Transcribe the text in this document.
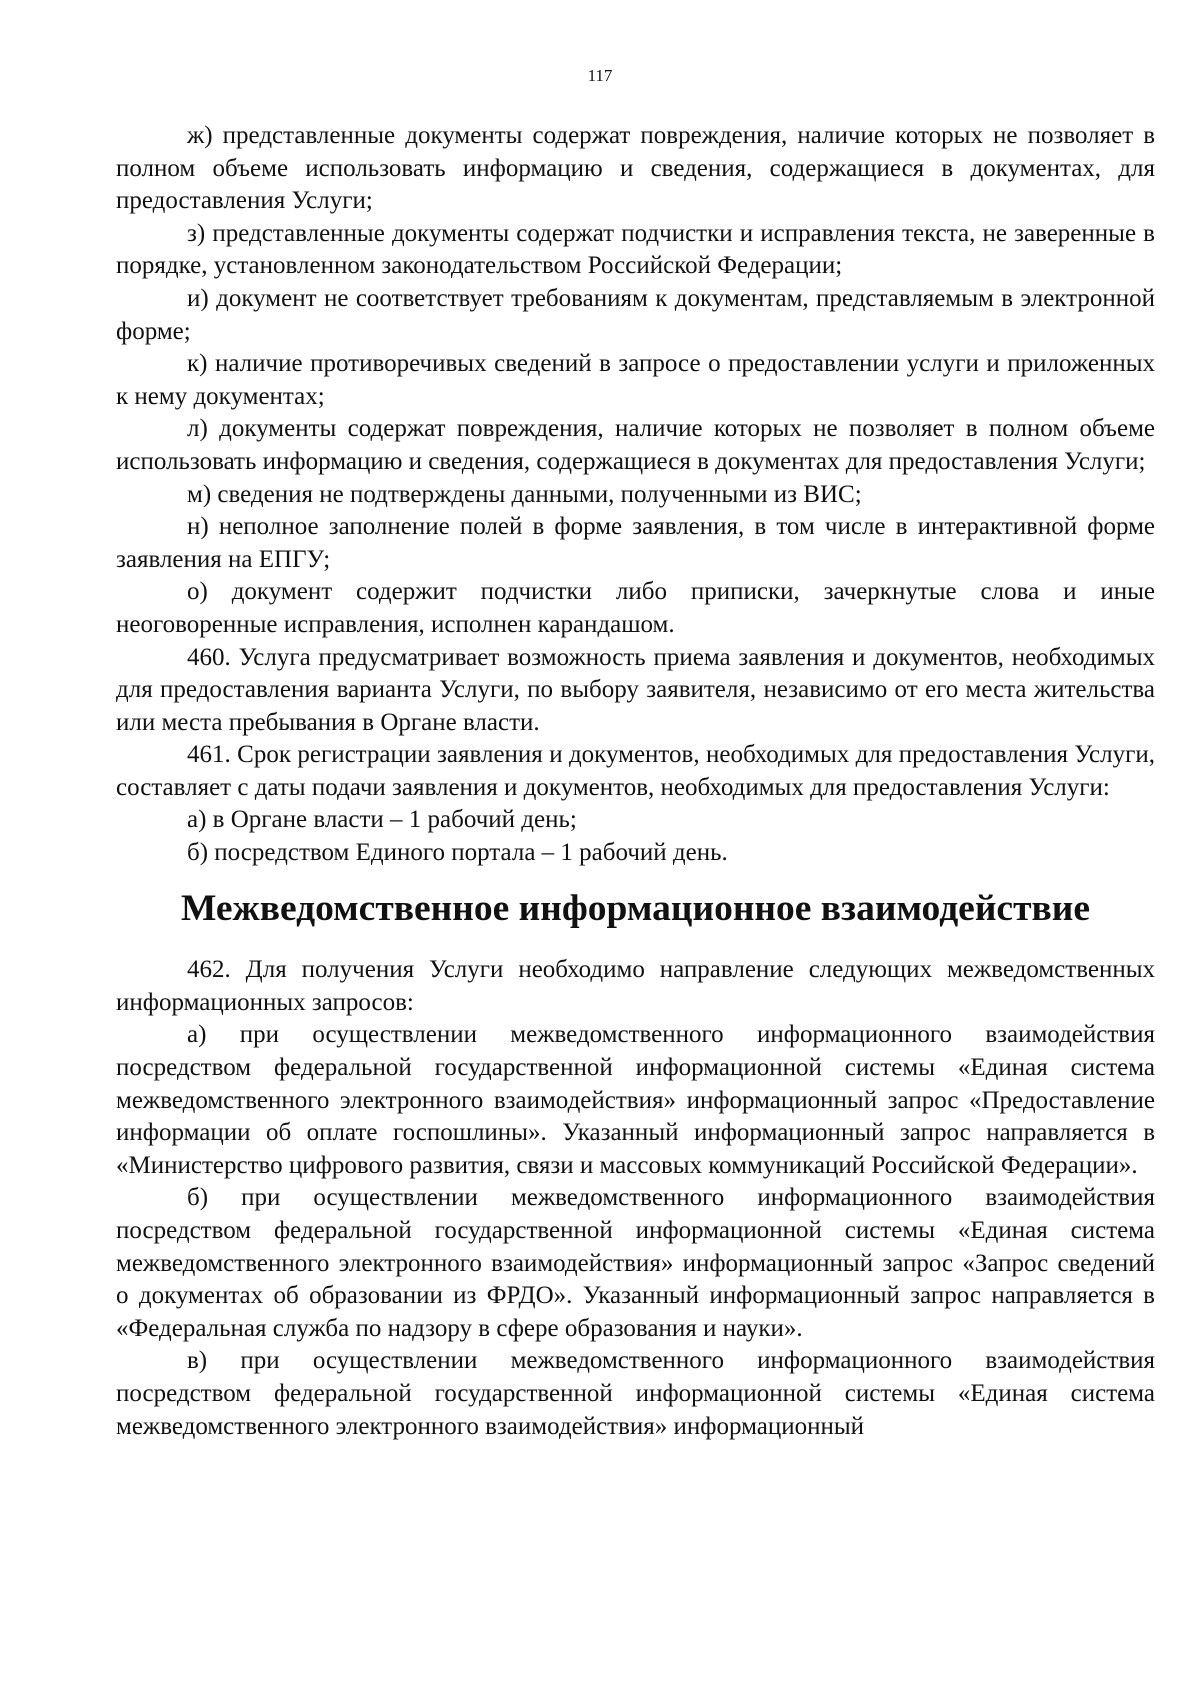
117

ж) представленные документы содержат повреждения, наличие которых не позволяет в полном объеме использовать информацию и сведения, содержащиеся в документах, для предоставления Услуги;

з) представленные документы содержат подчистки и исправления текста, не заверенные в порядке, установленном законодательством Российской Федерации;

и) документ не соответствует требованиям к документам, представляемым в электронной форме;

к) наличие противоречивых сведений в запросе о предоставлении услуги и приложенных к нему документах;

л) документы содержат повреждения, наличие которых не позволяет в полном объеме использовать информацию и сведения, содержащиеся в документах для предоставления Услуги;

м) сведения не подтверждены данными, полученными из ВИС;

н) неполное заполнение полей в форме заявления, в том числе в интерактивной форме заявления на ЕПГУ;

о) документ содержит подчистки либо приписки, зачеркнутые слова и иные неоговоренные исправления, исполнен карандашом.

460. Услуга предусматривает возможность приема заявления и документов, необходимых для предоставления варианта Услуги, по выбору заявителя, независимо от его места жительства или места пребывания в Органе власти.

461. Срок регистрации заявления и документов, необходимых для предоставления Услуги, составляет с даты подачи заявления и документов, необходимых для предоставления Услуги:

а) в Органе власти – 1 рабочий день;

б) посредством Единого портала – 1 рабочий день.

Межведомственное информационное взаимодействие

462. Для получения Услуги необходимо направление следующих межведомственных информационных запросов:

а) при осуществлении межведомственного информационного взаимодействия посредством федеральной государственной информационной системы «Единая система межведомственного электронного взаимодействия» информационный запрос «Предоставление информации об оплате госпошлины». Указанный информационный запрос направляется в «Министерство цифрового развития, связи и массовых коммуникаций Российской Федерации».

б) при осуществлении межведомственного информационного взаимодействия посредством федеральной государственной информационной системы «Единая система межведомственного электронного взаимодействия» информационный запрос «Запрос сведений о документах об образовании из ФРДО». Указанный информационный запрос направляется в «Федеральная служба по надзору в сфере образования и науки».

в) при осуществлении межведомственного информационного взаимодействия посредством федеральной государственной информационной системы «Единая система межведомственного электронного взаимодействия» информационный
